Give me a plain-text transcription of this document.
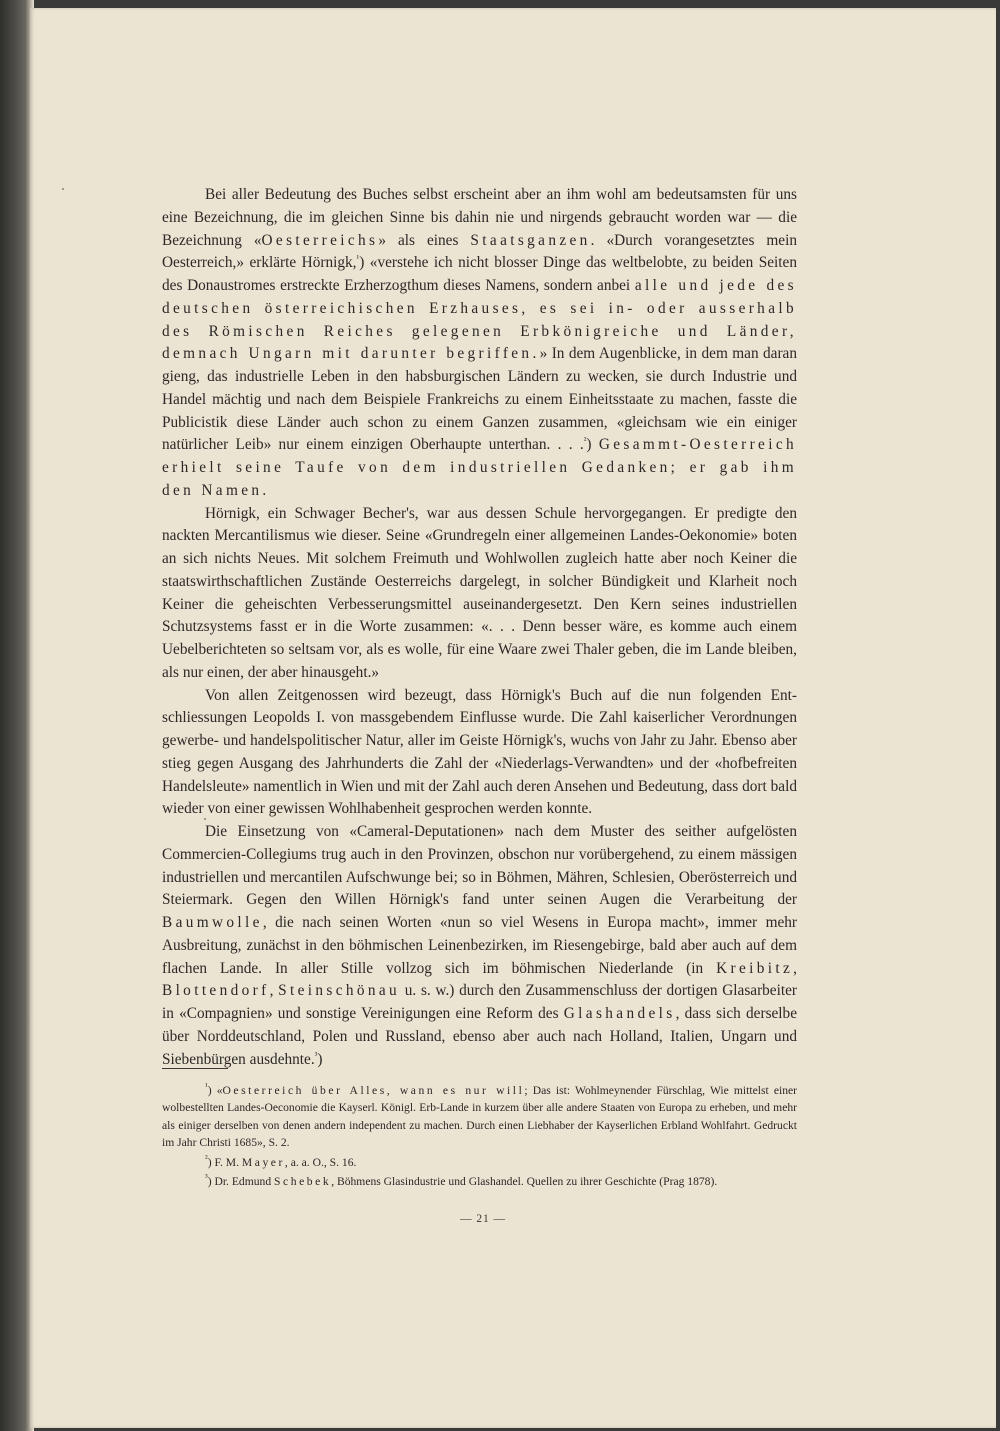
Bei aller Bedeutung des Buches selbst erscheint aber an ihm wohl am bedeutsamsten für uns eine Bezeichnung, die im gleichen Sinne bis dahin nie und nirgends gebraucht worden war — die Bezeichnung «Oesterreichs» als eines Staatsganzen. «Durch vorangesetztes mein Oesterreich,» erklärte Hörnigk,$^{^1}$) «verstehe ich nicht blosser Dinge das weltbelobte, zu beiden Seiten des Donaustromes erstreckte Erzherzogthum dieses Namens, sondern anbei alle und jede des deutschen österreichischen Erzhauses, es sei in- oder ausserhalb des Römischen Reiches gelegenen Erbkönigreiche und Länder, demnach Ungarn mit darunter begriffen.» In dem Augenblicke, in dem man daran gieng, das industrielle Leben in den habsburgischen Ländern zu wecken, sie durch Industrie und Handel mächtig und nach dem Beispiele Frankreichs zu einem Einheitsstaate zu machen, fasste die Publicistik diese Länder auch schon zu einem Ganzen zusammen, «gleichsam wie ein einiger natürlicher Leib» nur einem einzigen Oberhaupte unterthan. . . .$^{^2}$) Gesammt-Oesterreich erhielt seine Taufe von dem industriellen Gedanken; er gab ihm den Namen.

Hörnigk, ein Schwager Becher's, war aus dessen Schule hervorgegangen. Er predigte den nackten Mercantilismus wie dieser. Seine «Grundregeln einer allgemeinen Landes-Oekonomie» boten an sich nichts Neues. Mit solchem Freimuth und Wohlwollen zugleich hatte aber noch Keiner die staatswirthschaftlichen Zustände Oesterreichs dargelegt, in solcher Bündigkeit und Klarheit noch Keiner die geheischten Verbesserungsmittel auseinandergesetzt. Den Kern seines industriellen Schutzsystems fasst er in die Worte zusammen: «. . . Denn besser wäre, es komme auch einem Uebelberichteten so seltsam vor, als es wolle, für eine Waare zwei Thaler geben, die im Lande bleiben, als nur einen, der aber hinausgeht.»

Von allen Zeitgenossen wird bezeugt, dass Hörnigk's Buch auf die nun folgenden Entschliessungen Leopolds I. von massgebendem Einflusse wurde. Die Zahl kaiserlicher Verordnungen gewerbe- und handelspolitischer Natur, aller im Geiste Hörnigk's, wuchs von Jahr zu Jahr. Ebenso aber stieg gegen Ausgang des Jahrhunderts die Zahl der «Niederlags-Verwandten» und der «hofbefreiten Handelsleute» namentlich in Wien und mit der Zahl auch deren Ansehen und Bedeutung, dass dort bald wieder von einer gewissen Wohlhabenheit gesprochen werden konnte.

Die Einsetzung von «Cameral-Deputationen» nach dem Muster des seither aufgelösten Commercien-Collegiums trug auch in den Provinzen, obschon nur vorübergehend, zu einem mässigen industriellen und mercantilen Aufschwunge bei; so in Böhmen, Mähren, Schlesien, Oberösterreich und Steiermark. Gegen den Willen Hörnigk's fand unter seinen Augen die Verarbeitung der Baumwolle, die nach seinen Worten «nun so viel Wesens in Europa macht», immer mehr Ausbreitung, zunächst in den böhmischen Leinenbezirken, im Riesengebirge, bald aber auch auf dem flachen Lande. In aller Stille vollzog sich im böhmischen Niederlande (in Kreibitz, Blottendorf, Steinschönau u. s. w.) durch den Zusammenschluss der dortigen Glasarbeiter in «Compagnien» und sonstige Vereinigungen eine Reform des Glashandels, dass sich derselbe über Norddeutschland, Polen und Russland, ebenso aber auch nach Holland, Italien, Ungarn und Siebenbürgen ausdehnte.$^{^3}$)

$^{^1}$) «Oesterreich über Alles, wann es nur will; Das ist: Wohlmeynender Fürschlag, Wie mittelst einer wolbestellten Landes-Oeconomie die Kayserl. Königl. Erb-Lande in kurzem über alle andere Staaten von Europa zu erheben, und mehr als einiger derselben von denen andern independent zu machen. Durch einen Liebhaber der Kayserlichen Erbland Wohlfahrt. Gedruckt im Jahr Christi 1685», S. 2.

$^{^2}$) F. M. Mayer, a. a. O., S. 16.

$^{^3}$) Dr. Edmund Schebek, Böhmens Glasindustrie und Glashandel. Quellen zu ihrer Geschichte (Prag 1878).

— 21 —
